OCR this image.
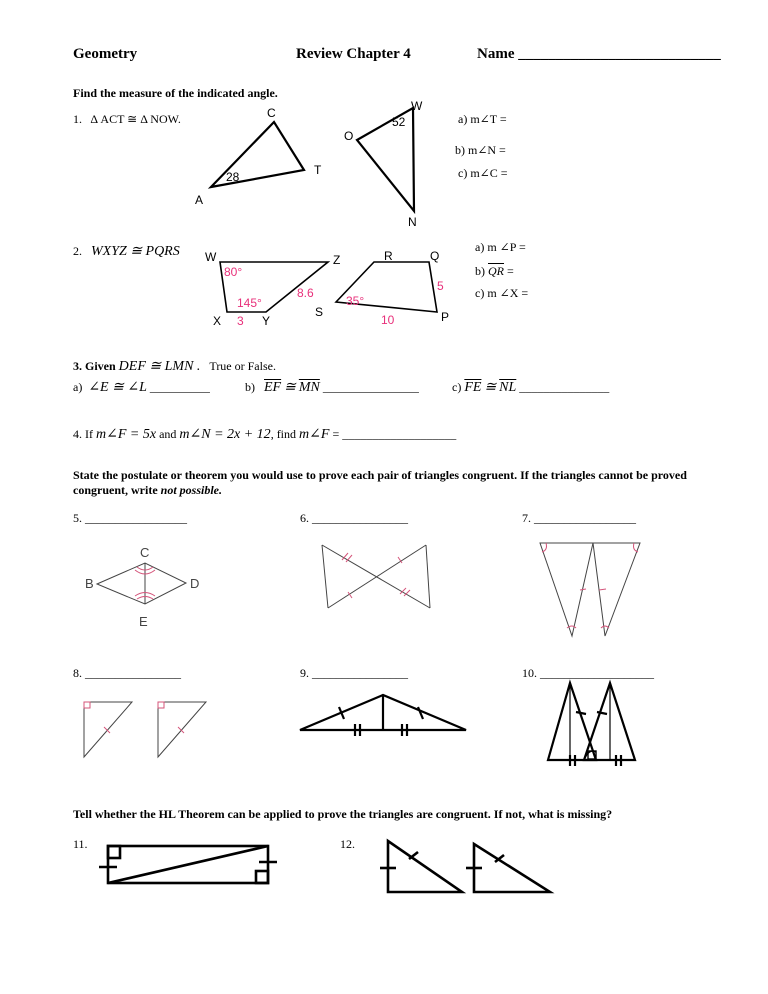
Geometry	Review Chapter 4	Name ___________________________
Find the measure of the indicated angle.
1. Δ ACT ≅ Δ NOW.	a) m∠T =
b) m∠N =
c) m∠C =
C
A
T
28
O
W
N
52
2. WXYZ ≅ PQRS	a) m ∠P =
b) $\overline{QR}$ =
c) m ∠X =
W	Z
X	Y
80°
145°
3
8.6
R	Q
S	P
35°
5
10
3. Given DEF ≅ LMN . True or False.
a) ∠E ≅ ∠L __________	b) $\overline{EF}$ ≅ $\overline{MN}$ ________________	c) $\overline{FE}$ ≅ $\overline{NL}$ _______________
4. If m∠F = 5x and m∠N = 2x + 12, find m∠F = ___________________
State the postulate or theorem you would use to prove each pair of triangles congruent. If the triangles cannot be proved congruent, write not possible.
5. _________________	6. ________________	7. _________________
C
B	D
E
8. ________________	9. ________________	10. ___________________
Tell whether the HL Theorem can be applied to prove the triangles are congruent. If not, what is missing?
11.	12.
